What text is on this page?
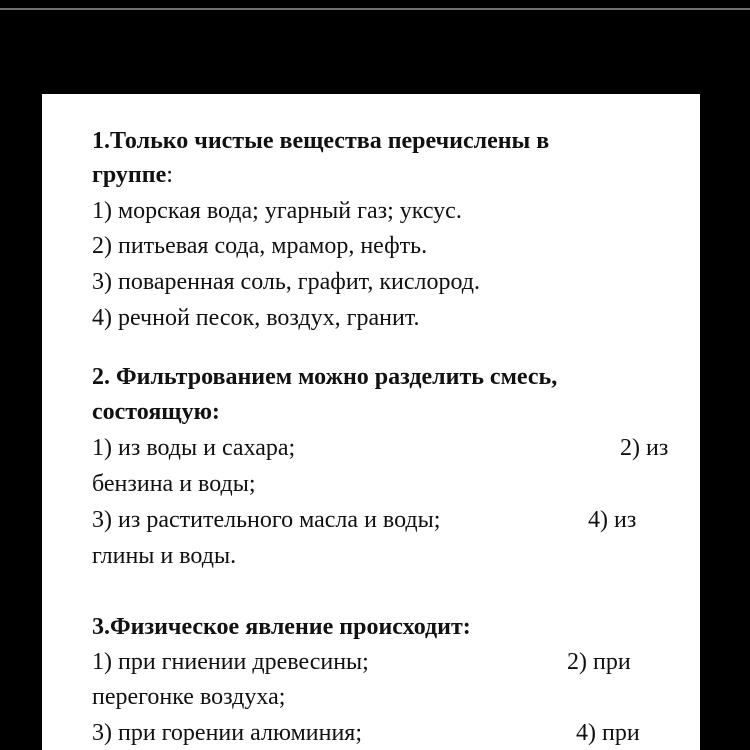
1.Только чистые вещества перечислены в
группе:
1) морская вода; угарный газ; уксус.
2) питьевая сода, мрамор, нефть.
3) поваренная соль, графит, кислород.
4) речной песок, воздух, гранит.
2. Фильтрованием можно разделить смесь,
состоящую:
1) из воды и сахара;	2) из
бензина и воды;
3) из растительного масла и воды;	4) из
глины и воды.
3.Физическое явление происходит:
1) при гниении древесины;	2) при
перегонке воздуха;
3) при горении алюминия;	4) при
